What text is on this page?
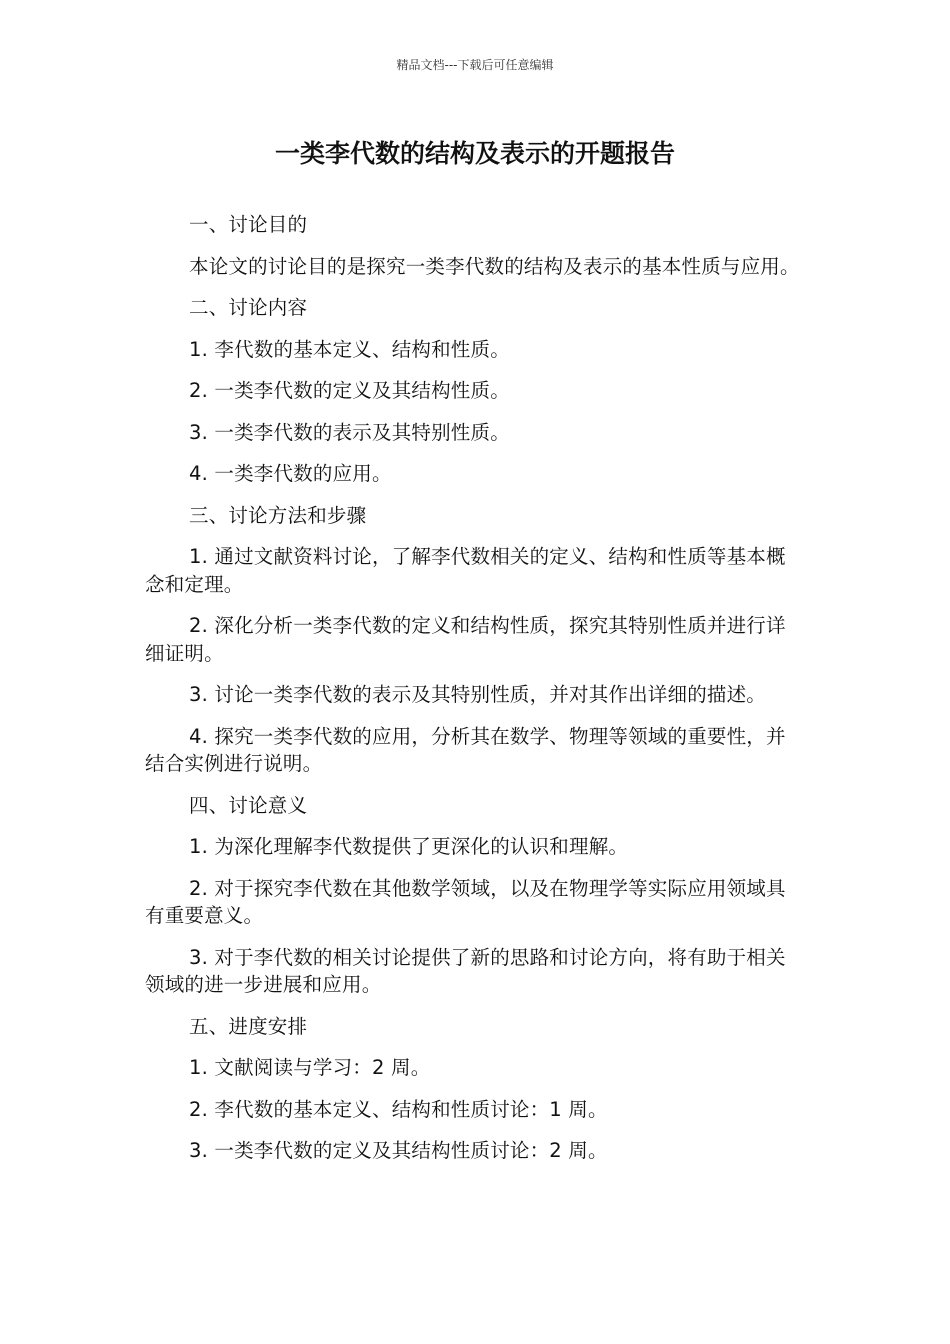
精品文档---下载后可任意编辑
一类李代数的结构及表示的开题报告

一、讨论目的

本论文的讨论目的是探究一类李代数的结构及表示的基本性质与应用。

二、讨论内容

1. 李代数的基本定义、结构和性质。

2. 一类李代数的定义及其结构性质。

3. 一类李代数的表示及其特别性质。

4. 一类李代数的应用。

三、讨论方法和步骤

1. 通过文献资料讨论，了解李代数相关的定义、结构和性质等基本概念和定理。

2. 深化分析一类李代数的定义和结构性质，探究其特别性质并进行详细证明。

3. 讨论一类李代数的表示及其特别性质，并对其作出详细的描述。

4. 探究一类李代数的应用，分析其在数学、物理等领域的重要性，并结合实例进行说明。

四、讨论意义

1. 为深化理解李代数提供了更深化的认识和理解。

2. 对于探究李代数在其他数学领域，以及在物理学等实际应用领域具有重要意义。

3. 对于李代数的相关讨论提供了新的思路和讨论方向，将有助于相关领域的进一步进展和应用。

五、进度安排

1. 文献阅读与学习：2 周。

2. 李代数的基本定义、结构和性质讨论：1 周。

3. 一类李代数的定义及其结构性质讨论：2 周。
